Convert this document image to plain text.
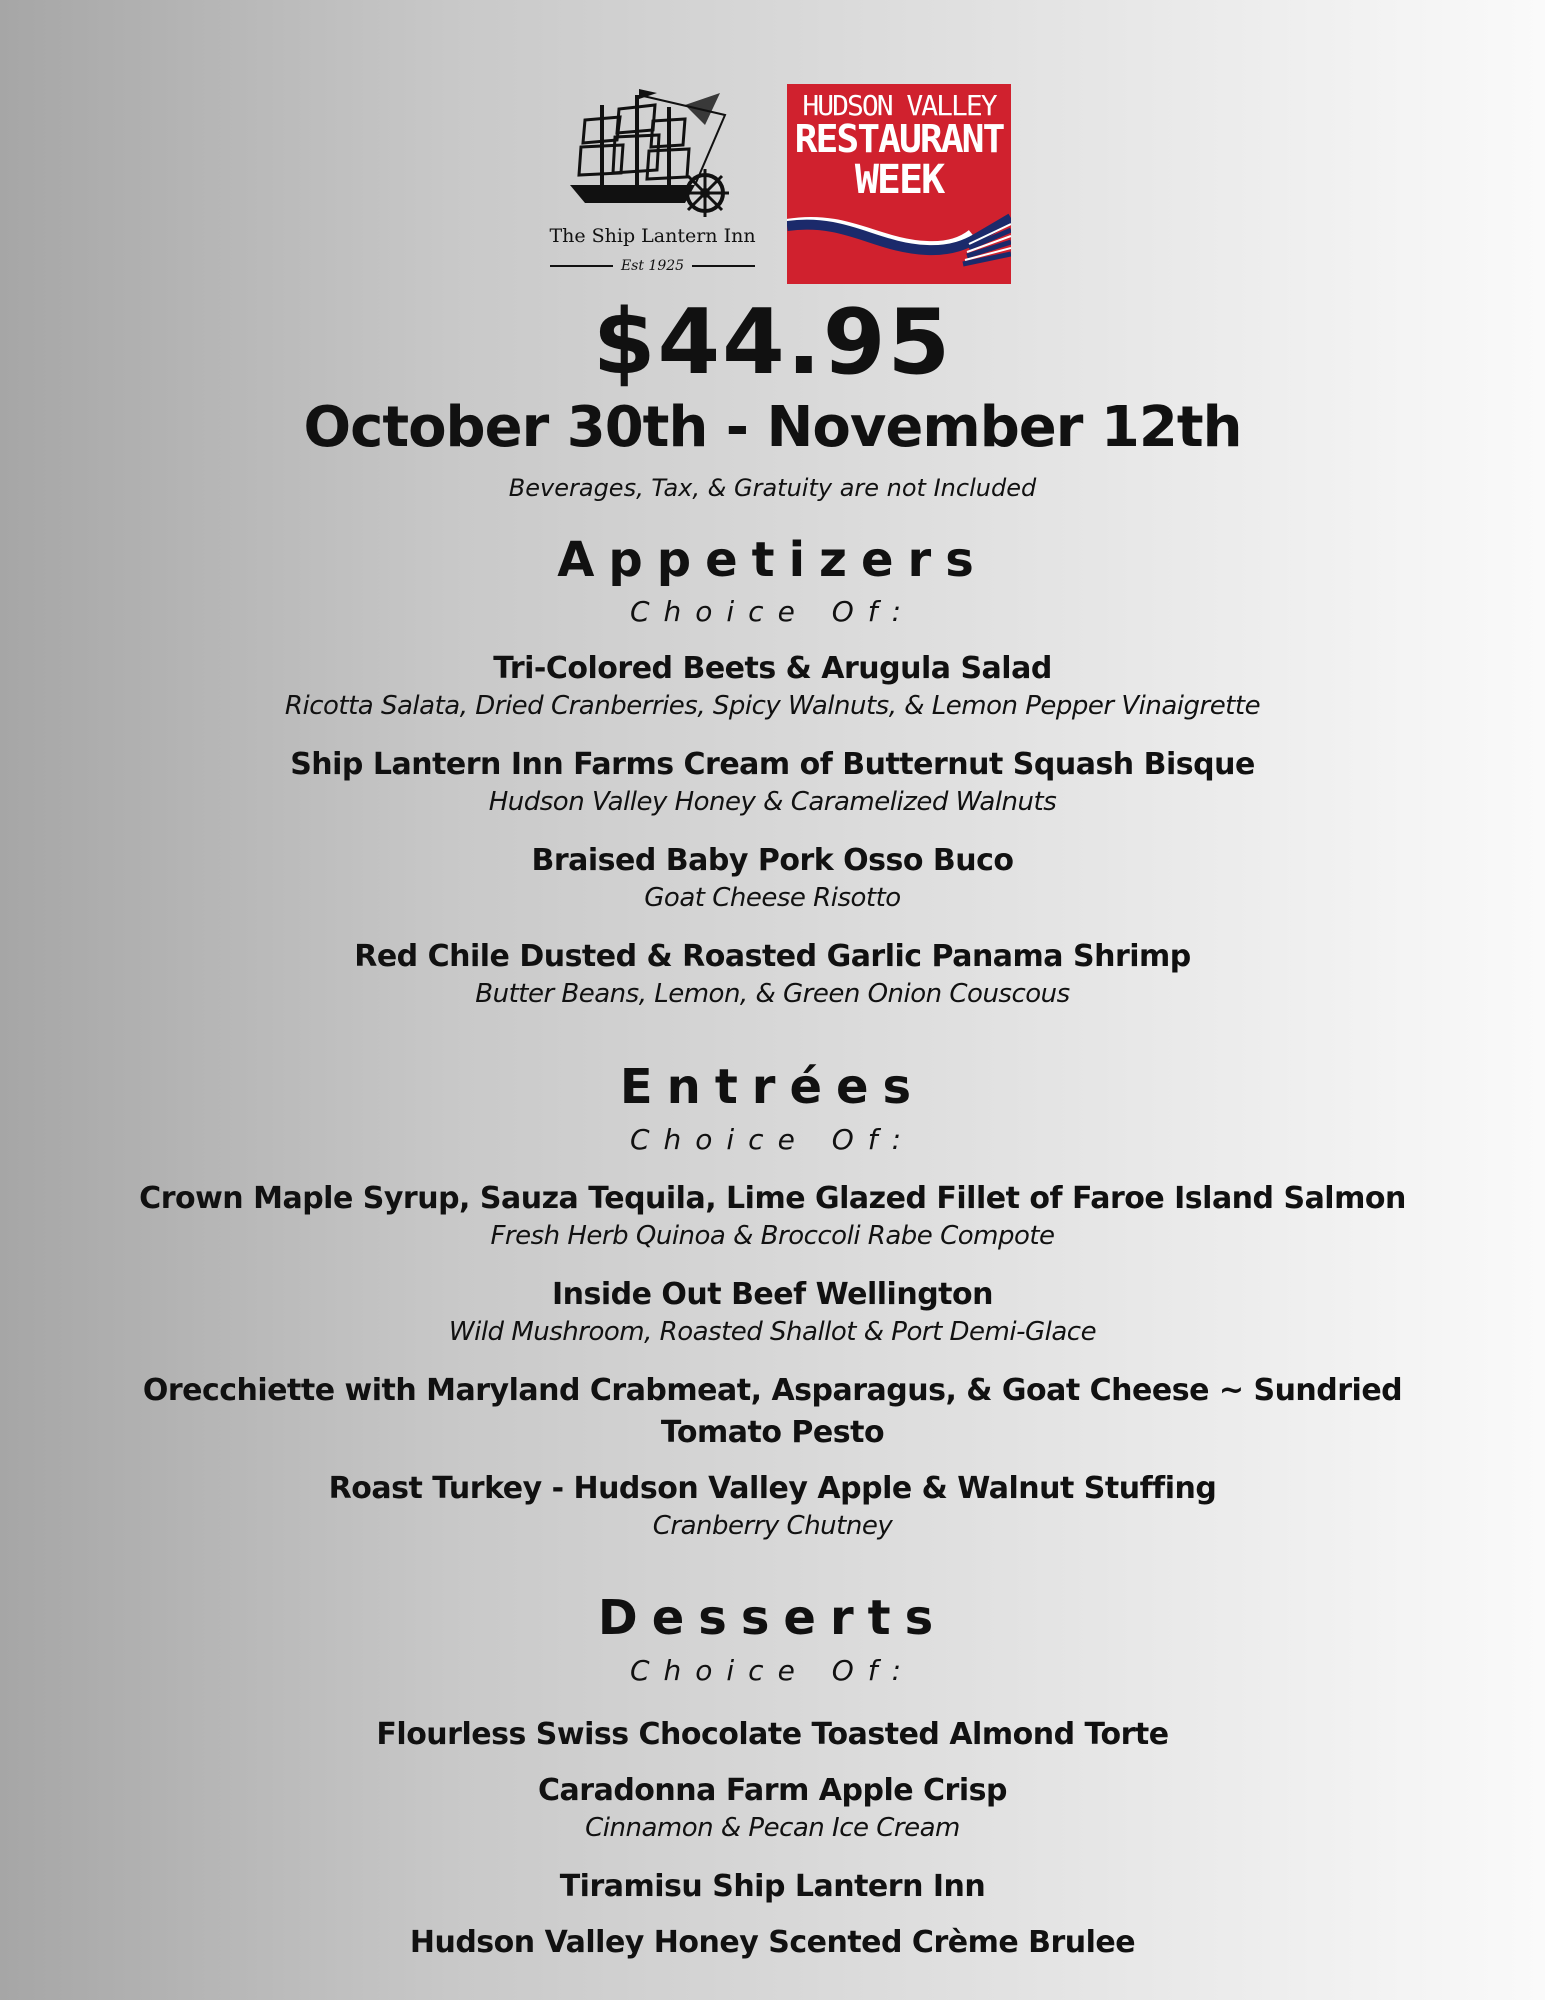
The Ship Lantern Inn
Est 1925
HUDSON VALLEY
RESTAURANT
WEEK
$44.95
October 30th - November 12th
Beverages, Tax, & Gratuity are not Included
Appetizers
Choice Of:
Tri-Colored Beets & Arugula Salad
Ricotta Salata, Dried Cranberries, Spicy Walnuts, & Lemon Pepper Vinaigrette
Ship Lantern Inn Farms Cream of Butternut Squash Bisque
Hudson Valley Honey & Caramelized Walnuts
Braised Baby Pork Osso Buco
Goat Cheese Risotto
Red Chile Dusted & Roasted Garlic Panama Shrimp
Butter Beans, Lemon, & Green Onion Couscous
Entrées
Choice Of:
Crown Maple Syrup, Sauza Tequila, Lime Glazed Fillet of Faroe Island Salmon
Fresh Herb Quinoa & Broccoli Rabe Compote
Inside Out Beef Wellington
Wild Mushroom, Roasted Shallot & Port Demi-Glace
Orecchiette with Maryland Crabmeat, Asparagus, & Goat Cheese ~ Sundried
Tomato Pesto
Roast Turkey - Hudson Valley Apple & Walnut Stuffing
Cranberry Chutney
Desserts
Choice Of:
Flourless Swiss Chocolate Toasted Almond Torte
Caradonna Farm Apple Crisp
Cinnamon & Pecan Ice Cream
Tiramisu Ship Lantern Inn
Hudson Valley Honey Scented Crème Brulee
